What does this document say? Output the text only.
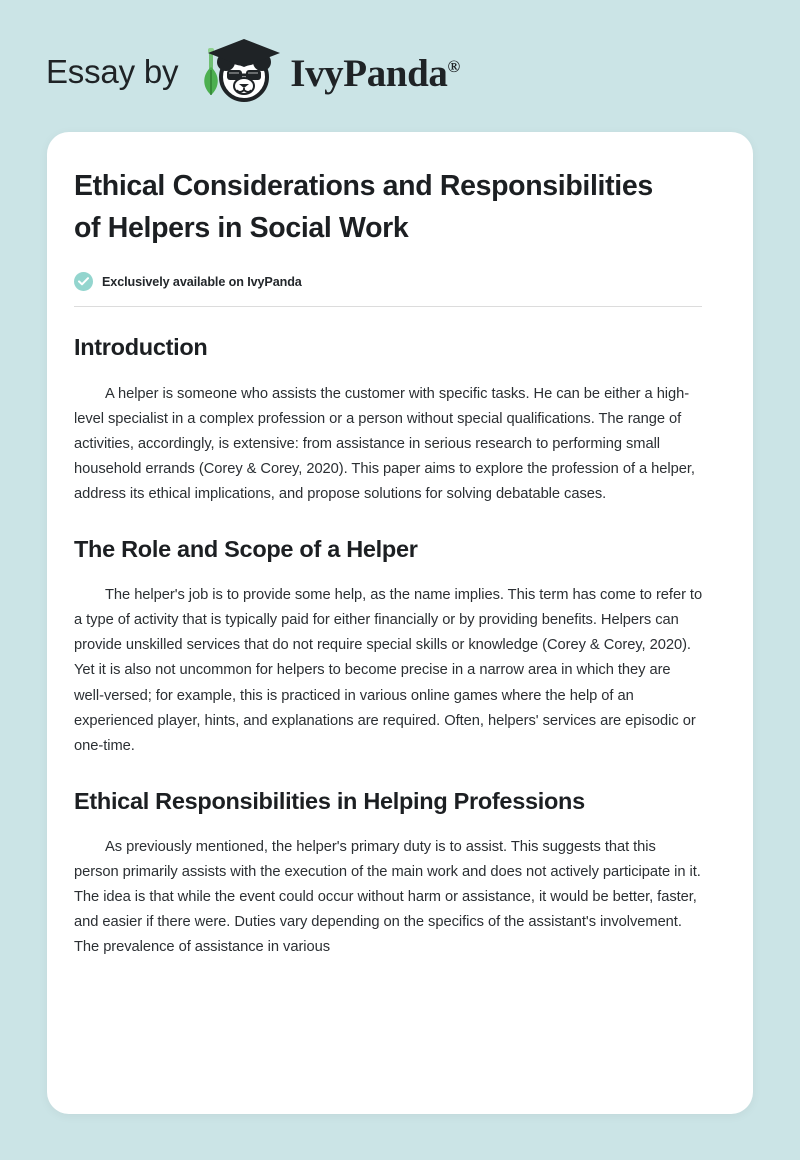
Essay by	IvyPanda®
Ethical Considerations and Responsibilities of Helpers in Social Work
Exclusively available on IvyPanda
Introduction

A helper is someone who assists the customer with specific tasks. He can be either a high-level specialist in a complex profession or a person without special qualifications. The range of activities, accordingly, is extensive: from assistance in serious research to performing small household errands (Corey & Corey, 2020). This paper aims to explore the profession of a helper, address its ethical implications, and propose solutions for solving debatable cases.

The Role and Scope of a Helper

The helper's job is to provide some help, as the name implies. This term has come to refer to a type of activity that is typically paid for either financially or by providing benefits. Helpers can provide unskilled services that do not require special skills or knowledge (Corey & Corey, 2020). Yet it is also not uncommon for helpers to become precise in a narrow area in which they are well-versed; for example, this is practiced in various online games where the help of an experienced player, hints, and explanations are required. Often, helpers' services are episodic or one-time.

Ethical Responsibilities in Helping Professions

As previously mentioned, the helper's primary duty is to assist. This suggests that this person primarily assists with the execution of the main work and does not actively participate in it. The idea is that while the event could occur without harm or assistance, it would be better, faster, and easier if there were. Duties vary depending on the specifics of the assistant's involvement. The prevalence of assistance in various
